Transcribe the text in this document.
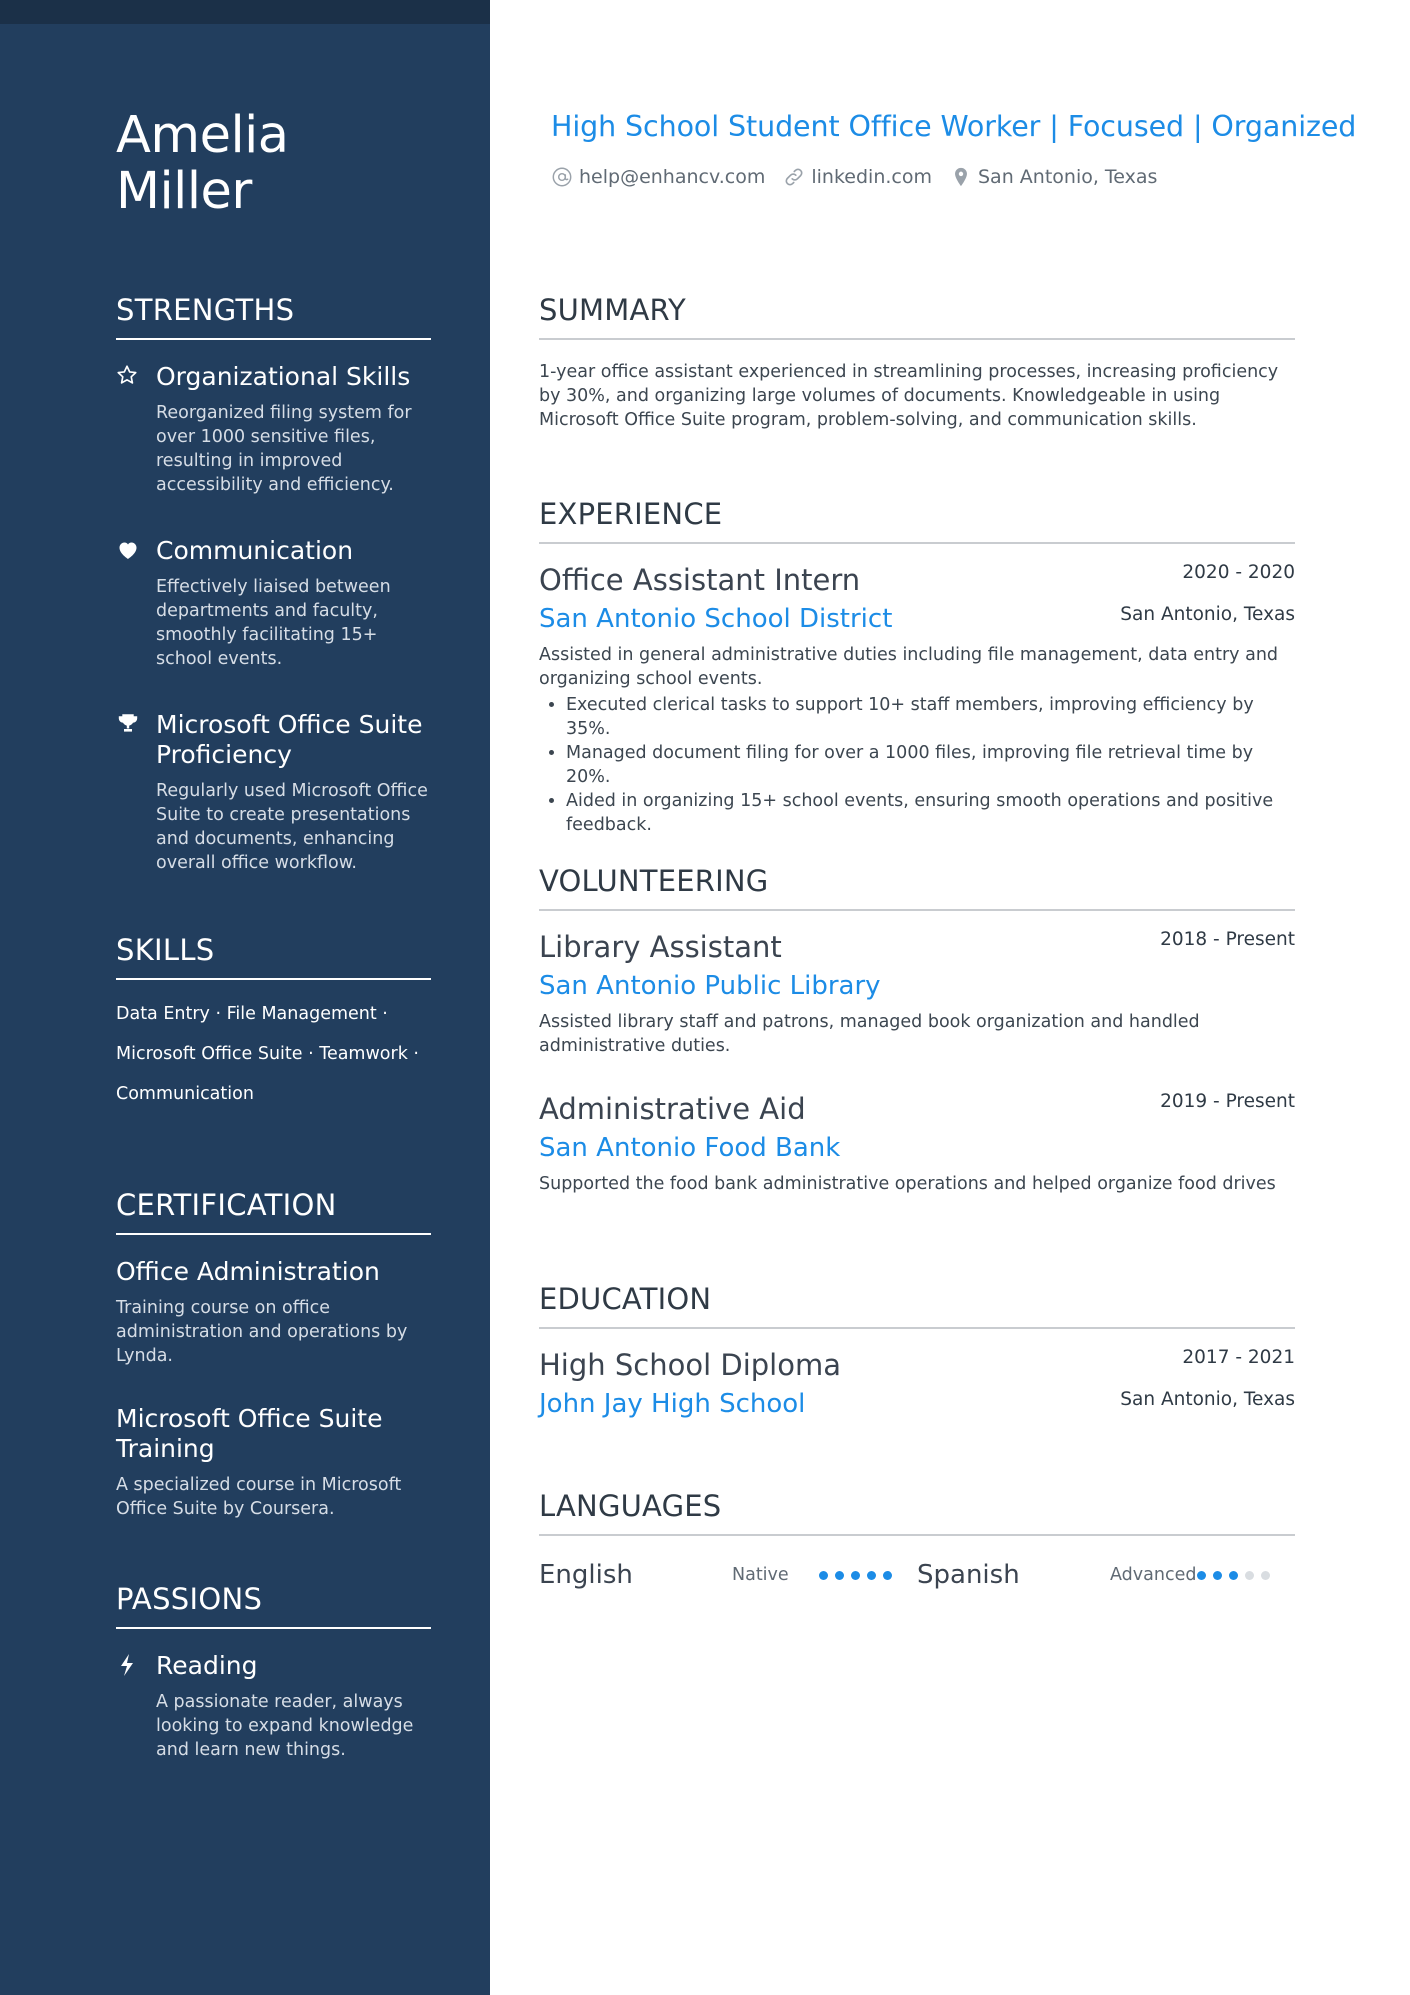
Amelia
Miller
STRENGTHS
Organizational Skills
Reorganized filing system for over 1000 sensitive files, resulting in improved accessibility and efficiency.
Communication
Effectively liaised between departments and faculty, smoothly facilitating 15+ school events.
Microsoft Office Suite Proficiency
Regularly used Microsoft Office Suite to create presentations and documents, enhancing overall office workflow.
SKILLS
Data Entry · File Management ·
Microsoft Office Suite · Teamwork ·
Communication
CERTIFICATION
Office Administration
Training course on office administration and operations by Lynda.
Microsoft Office Suite Training
A specialized course in Microsoft Office Suite by Coursera.
PASSIONS
Reading
A passionate reader, always looking to expand knowledge and learn new things.
High School Student Office Worker | Focused | Organized
help@enhancv.com linkedin.com San Antonio, Texas
SUMMARY
1-year office assistant experienced in streamlining processes, increasing proficiency by 30%, and organizing large volumes of documents. Knowledgeable in using Microsoft Office Suite program, problem-solving, and communication skills.
EXPERIENCE
Office Assistant Intern	2020 - 2020
San Antonio School District	San Antonio, Texas
Assisted in general administrative duties including file management, data entry and organizing school events.
• Executed clerical tasks to support 10+ staff members, improving efficiency by 35%.
• Managed document filing for over a 1000 files, improving file retrieval time by 20%.
• Aided in organizing 15+ school events, ensuring smooth operations and positive feedback.
VOLUNTEERING
Library Assistant	2018 - Present
San Antonio Public Library
Assisted library staff and patrons, managed book organization and handled administrative duties.
Administrative Aid	2019 - Present
San Antonio Food Bank
Supported the food bank administrative operations and helped organize food drives
EDUCATION
High School Diploma	2017 - 2021
John Jay High School	San Antonio, Texas
LANGUAGES
English	Native	Spanish	Advanced
